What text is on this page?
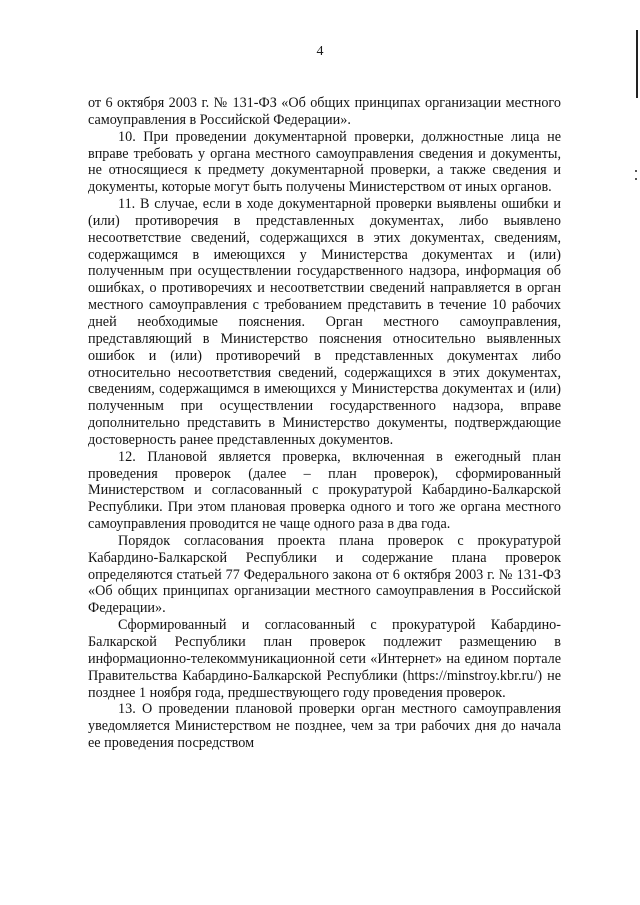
4

от 6 октября 2003 г. № 131-ФЗ «Об общих принципах организации местного самоуправления в Российской Федерации».

10. При проведении документарной проверки, должностные лица не вправе требовать у органа местного самоуправления сведения и документы, не относящиеся к предмету документарной проверки, а также сведения и документы, которые могут быть получены Министерством от иных органов.

11. В случае, если в ходе документарной проверки выявлены ошибки и (или) противоречия в представленных документах, либо выявлено несоответствие сведений, содержащихся в этих документах, сведениям, содержащимся в имеющихся у Министерства документах и (или) полученным при осуществлении государственного надзора, информация об ошибках, о противоречиях и несоответствии сведений направляется в орган местного самоуправления с требованием представить в течение 10 рабочих дней необходимые пояснения. Орган местного самоуправления, представляющий в Министерство пояснения относительно выявленных ошибок и (или) противоречий в представленных документах либо относительно несоответствия сведений, содержащихся в этих документах, сведениям, содержащимся в имеющихся у Министерства документах и (или) полученным при осуществлении государственного надзора, вправе дополнительно представить в Министерство документы, подтверждающие достоверность ранее представленных документов.

12. Плановой является проверка, включенная в ежегодный план проведения проверок (далее – план проверок), сформированный Министерством и согласованный с прокуратурой Кабардино-Балкарской Республики. При этом плановая проверка одного и того же органа местного самоуправления проводится не чаще одного раза в два года.

Порядок согласования проекта плана проверок с прокуратурой Кабардино-Балкарской Республики и содержание плана проверок определяются статьей 77 Федерального закона от 6 октября 2003 г. № 131-ФЗ «Об общих принципах организации местного самоуправления в Российской Федерации».

Сформированный и согласованный с прокуратурой Кабардино-Балкарской Республики план проверок подлежит размещению в информационно-телекоммуникационной сети «Интернет» на едином портале Правительства Кабардино-Балкарской Республики (https://minstroy.kbr.ru/) не позднее 1 ноября года, предшествующего году проведения проверок.

13. О проведении плановой проверки орган местного самоуправления уведомляется Министерством не позднее, чем за три рабочих дня до начала ее проведения посредством
